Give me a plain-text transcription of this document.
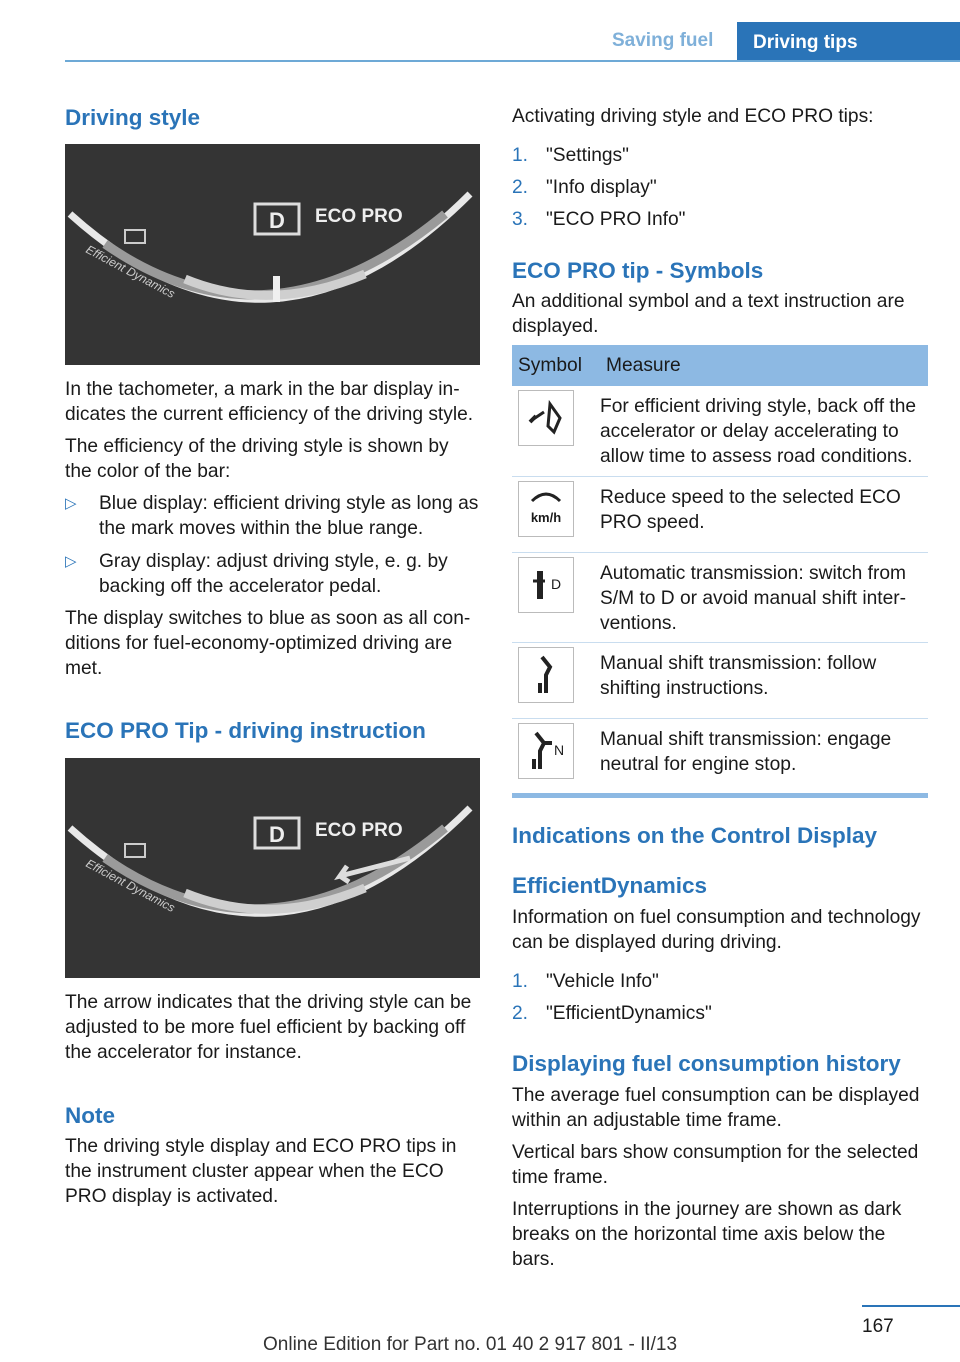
Saving fuel	Driving tips
Driving style
D ECO PRO
Efficient Dynamics

In the tachometer, a mark in the bar display indicates the current efficiency of the driving style.

The efficiency of the driving style is shown by the color of the bar:

▷ Blue display: efficient driving style as long as the mark moves within the blue range.
▷ Gray display: adjust driving style, e. g. by backing off the accelerator pedal.

The display switches to blue as soon as all conditions for fuel-economy-optimized driving are met.

ECO PRO Tip - driving instruction
D ECO PRO
Efficient Dynamics

The arrow indicates that the driving style can be adjusted to be more fuel efficient by backing off the accelerator for instance.

Note

The driving style display and ECO PRO tips in the instrument cluster appear when the ECO PRO display is activated.

Activating driving style and ECO PRO tips:

1. "Settings"
2. "Info display"
3. "ECO PRO Info"
ECO PRO tip - Symbols

An additional symbol and a text instruction are displayed.

Symbol	Measure

	For efficient driving style, back off the accelerator or delay accelerating to allow time to assess road conditions.

km/h	Reduce speed to the selected ECO PRO speed.

D	Automatic transmission: switch from S/M to D or avoid manual shift interventions.

	Manual shift transmission: follow shifting instructions.

N	Manual shift transmission: engage neutral for engine stop.
Indications on the Control Display
EfficientDynamics

Information on fuel consumption and technology can be displayed during driving.

1. "Vehicle Info"
2. "EfficientDynamics"
Displaying fuel consumption history

The average fuel consumption can be displayed within an adjustable time frame.

Vertical bars show consumption for the selected time frame.

Interruptions in the journey are shown as dark breaks on the horizontal time axis below the bars.

167
Online Edition for Part no. 01 40 2 917 801 - II/13
